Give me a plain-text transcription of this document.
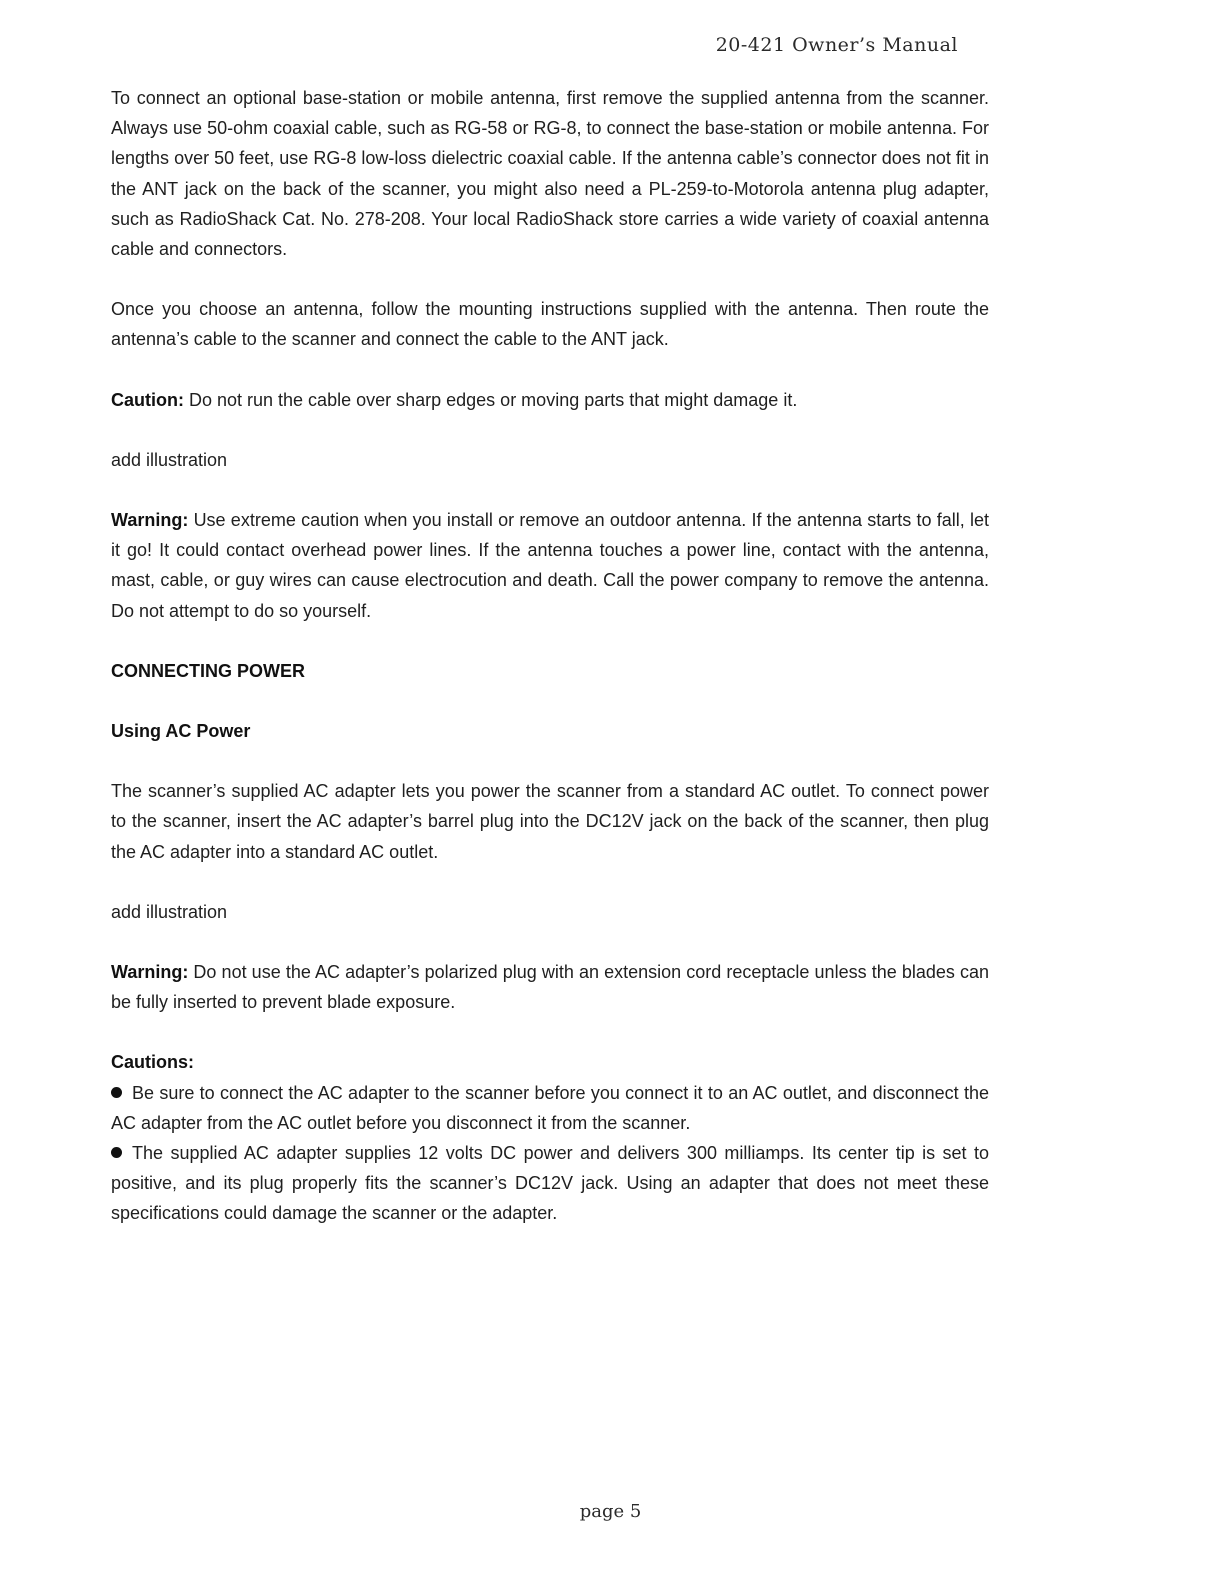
20-421 Owner’s Manual

To connect an optional base-station or mobile antenna, first remove the supplied antenna from the scanner. Always use 50-ohm coaxial cable, such as RG-58 or RG-8, to connect the base-station or mobile antenna. For lengths over 50 feet, use RG-8 low-loss dielectric coaxial cable. If the antenna cable’s connector does not fit in the ANT jack on the back of the scanner, you might also need a PL-259-to-Motorola antenna plug adapter, such as RadioShack Cat. No. 278-208. Your local RadioShack store carries a wide variety of coaxial antenna cable and connectors.

Once you choose an antenna, follow the mounting instructions supplied with the antenna. Then route the antenna’s cable to the scanner and connect the cable to the ANT jack.

Caution: Do not run the cable over sharp edges or moving parts that might damage it.

add illustration

Warning: Use extreme caution when you install or remove an outdoor antenna. If the antenna starts to fall, let it go! It could contact overhead power lines. If the antenna touches a power line, contact with the antenna, mast, cable, or guy wires can cause electrocution and death. Call the power company to remove the antenna. Do not attempt to do so yourself.

CONNECTING POWER
Using AC Power

The scanner’s supplied AC adapter lets you power the scanner from a standard AC outlet. To connect power to the scanner, insert the AC adapter’s barrel plug into the DC12V jack on the back of the scanner, then plug the AC adapter into a standard AC outlet.

add illustration

Warning: Do not use the AC adapter’s polarized plug with an extension cord receptacle unless the blades can be fully inserted to prevent blade exposure.

Cautions:
Be sure to connect the AC adapter to the scanner before you connect it to an AC outlet, and disconnect the AC adapter from the AC outlet before you disconnect it from the scanner.
The supplied AC adapter supplies 12 volts DC power and delivers 300 milliamps. Its center tip is set to positive, and its plug properly fits the scanner’s DC12V jack. Using an adapter that does not meet these specifications could damage the scanner or the adapter.
page 5
